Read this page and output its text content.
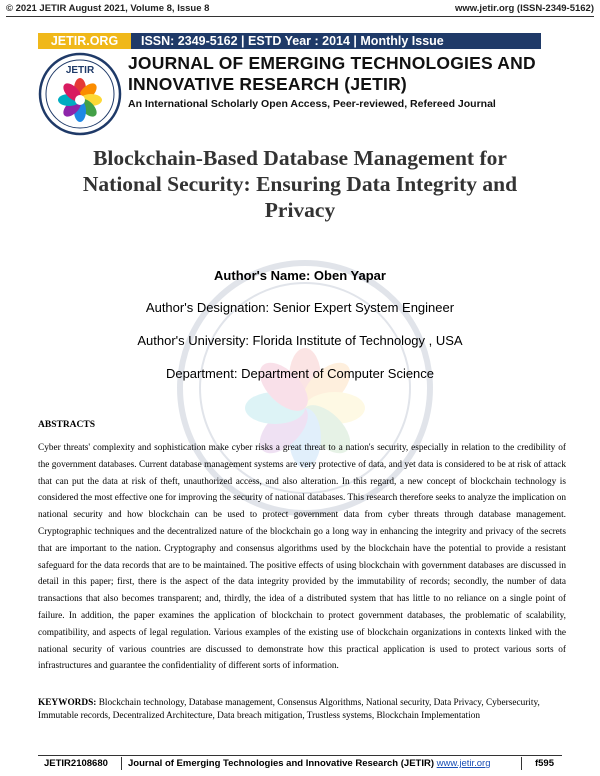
© 2021 JETIR August 2021, Volume 8, Issue 8	www.jetir.org (ISSN-2349-5162)
JETIR.ORG	ISSN: 2349-5162 | ESTD Year : 2014 | Monthly Issue
JETIR JOURNAL OF EMERGING TECHNOLOGIES AND
INNOVATIVE RESEARCH (JETIR)
An International Scholarly Open Access, Peer-reviewed, Refereed Journal
Blockchain-Based Database Management for
National Security: Ensuring Data Integrity and
Privacy
Author's Name: Oben Yapar
Author's Designation: Senior Expert System Engineer
Author's University: Florida Institute of Technology , USA
Department: Department of Computer Science
ABSTRACTS

Cyber threats' complexity and sophistication make cyber risks a great threat to a nation's security, especially in relation to the credibility of the government databases. Current database management systems are very protective of data, and yet data is considered to be at risk of attack that can put the data at risk of theft, unauthorized access, and also alteration. In this regard, a new concept of blockchain technology is considered the most effective one for improving the security of national databases. This research therefore seeks to analyze the implication on national security and how blockchain can be used to protect government data from cyber threats through database management. Cryptographic techniques and the decentralized nature of the blockchain go a long way in enhancing the integrity and privacy of the secrets that are important to the nation. Cryptography and consensus algorithms used by the blockchain have the potential to provide a resistant safeguard for the data records that are to be maintained. The positive effects of using blockchain with government databases are discussed in detail in this paper; first, there is the aspect of the data integrity provided by the immutability of records; secondly, the number of data transactions that also becomes transparent; and, thirdly, the idea of a distributed system that has little to no reliance on a single point of failure. In addition, the paper examines the application of blockchain to protect government databases, the problematic of scalability, compatibility, and aspects of legal regulation. Various examples of the existing use of blockchain organizations in contexts linked with the national security of various countries are discussed to demonstrate how this practical application is used to protect various sorts of infrastructures and guarantee the confidentiality of different sorts of information.

KEYWORDS: Blockchain technology, Database management, Consensus Algorithms, National security, Data Privacy, Cybersecurity, Immutable records, Decentralized Architecture, Data breach mitigation, Trustless systems, Blockchain Implementation

JETIR2108680 Journal of Emerging Technologies and Innovative Research (JETIR) www.jetir.org	f595
